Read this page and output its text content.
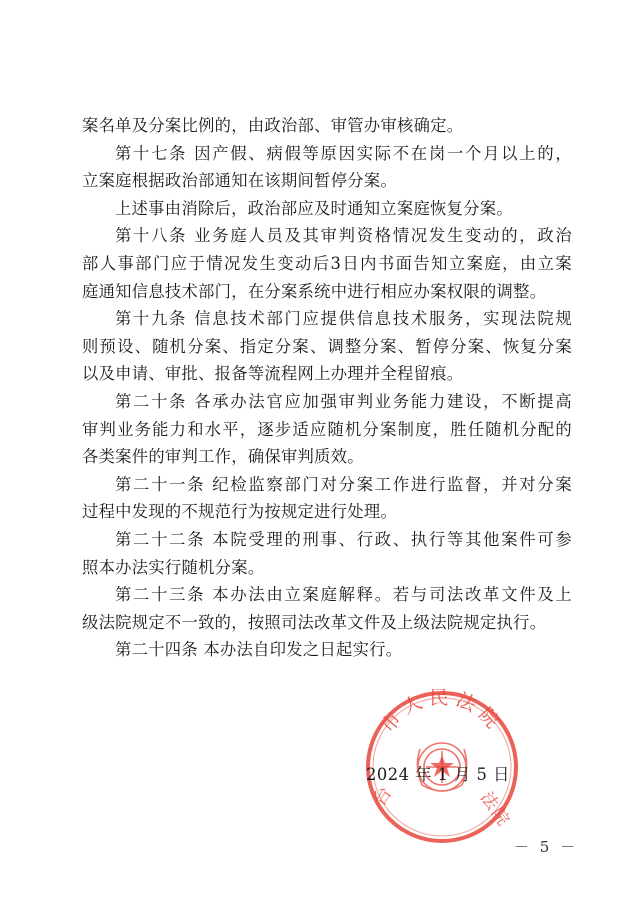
案名单及分案比例的，由政治部、审管办审核确定。
第十七条 因产假、病假等原因实际不在岗一个月以上的，
立案庭根据政治部通知在该期间暂停分案。
上述事由消除后，政治部应及时通知立案庭恢复分案。
第十八条 业务庭人员及其审判资格情况发生变动的，政治
部人事部门应于情况发生变动后3日内书面告知立案庭，由立案
庭通知信息技术部门，在分案系统中进行相应办案权限的调整。
第十九条 信息技术部门应提供信息技术服务，实现法院规
则预设、随机分案、指定分案、调整分案、暂停分案、恢复分案
以及申请、审批、报备等流程网上办理并全程留痕。
第二十条 各承办法官应加强审判业务能力建设，不断提高
审判业务能力和水平，逐步适应随机分案制度，胜任随机分配的
各类案件的审判工作，确保审判质效。
第二十一条 纪检监察部门对分案工作进行监督，并对分案
过程中发现的不规范行为按规定进行处理。
第二十二条 本院受理的刑事、行政、执行等其他案件可参
照本办法实行随机分案。
第二十三条 本办法由立案庭解释。若与司法改革文件及上
级法院规定不一致的，按照司法改革文件及上级法院规定执行。
第二十四条 本办法自印发之日起实行。
市人民法院
台	法院
2024 年 1 月 5 日
－ 5 －
